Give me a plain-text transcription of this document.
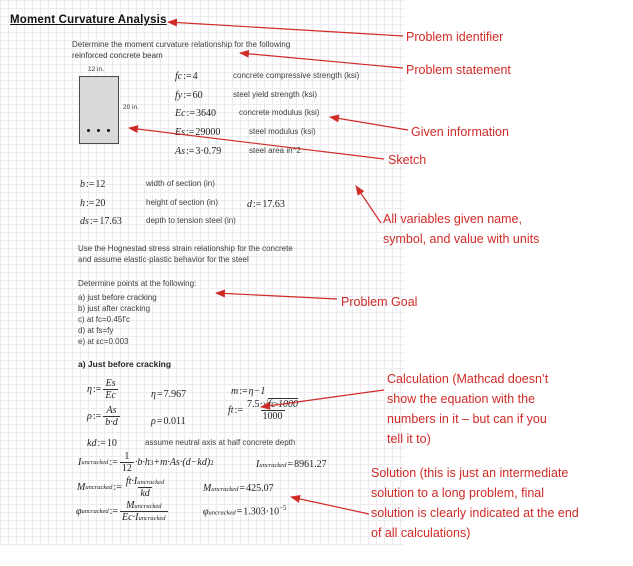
Moment Curvature Analysis
Determine the moment curvature relationship for the following
reinforced concrete beam
12 in.
20 in.
fc:=4	concrete compressive strength (ksi)
fy:=60	steel yield strength (ksi)
Ec:=3640	concrete modulus (ksi)
Es:=29000	steel modulus (ksi)
As:=3·0.79	steel area in^2
b:=12	width of section (in)
h:=20	height of section (in)
ds:=17.63	depth to tension steel (in)
d:=17.63
Use the Hognestad stress strain relationship for the concrete
and assume elastic-plastic behavior for the steel
Determine points at the following:
a) just before cracking
b) just after cracking
c) at fc=0.45f'c
d) at fs=fy
e) at εc=0.003
a) Just before cracking
η := $\frac{Es}{Ec}$	η=7.967	m:=η−1
ρ := $\frac{As}{b\cdot d}$	ρ=0.011
ft := $\frac{7.5\cdot√fc\cdot 1000}{1000}$
kd:=10	assume neutral axis at half concrete depth
I uncracked := $\frac{1}{12} \cdot b\cdot h$ 3 +m·As·(d−kd) 2	Iuncracked=8961.27
M uncracked := $\frac{\text{ft·Iuncracked}}{kd}$	Muncracked=425.07
φ uncracked := $\frac{\text{Muncracked}}{\text{Ec·Iuncracked}}$	$\varphi uncracked=1.303\cdot 10^{-5}$
Problem identifier
Problem statement
Given information
Sketch
All variables given name,
symbol, and value with units
Problem Goal
Calculation (Mathcad doesn’t
show the equation with the
numbers in it – but can if you
tell it to)
Solution (this is just an intermediate
solution to a long problem, final
solution is clearly indicated at the end
of all calculations)
